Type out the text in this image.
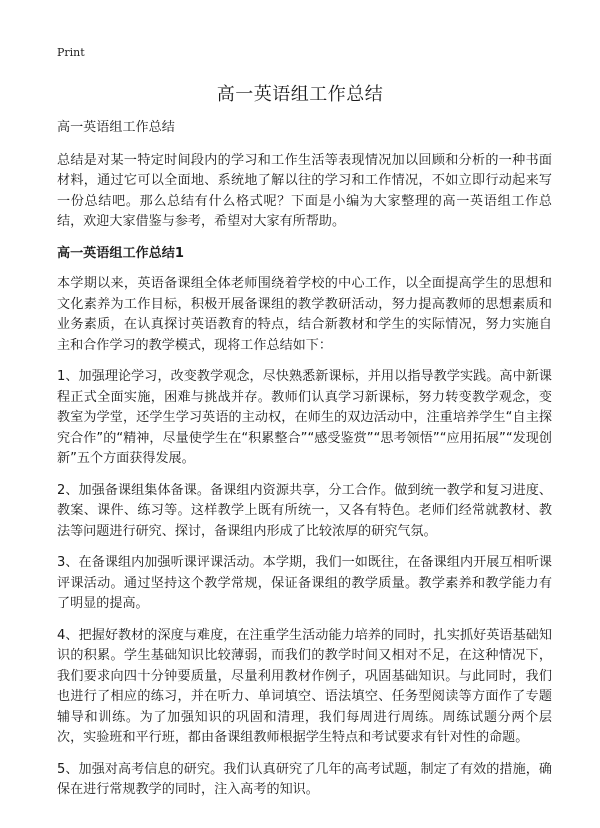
Print
高一英语组工作总结

高一英语组工作总结

总结是对某一特定时间段内的学习和工作生活等表现情况加以回顾和分析的一种书面材料，通过它可以全面地、系统地了解以往的学习和工作情况，不如立即行动起来写一份总结吧。那么总结有什么格式呢？下面是小编为大家整理的高一英语组工作总结，欢迎大家借鉴与参考，希望对大家有所帮助。

高一英语组工作总结1

本学期以来，英语备课组全体老师围绕着学校的中心工作，以全面提高学生的思想和文化素养为工作目标，积极开展备课组的教学教研活动，努力提高教师的思想素质和业务素质，在认真探讨英语教育的特点，结合新教材和学生的实际情况，努力实施自主和合作学习的教学模式，现将工作总结如下：

1、加强理论学习，改变教学观念，尽快熟悉新课标，并用以指导教学实践。高中新课程正式全面实施，困难与挑战并存。教师们认真学习新课标，努力转变教学观念，变教室为学堂，还学生学习英语的主动权，在师生的双边活动中，注重培养学生“自主探究合作”的“精神，尽量使学生在“积累整合”“感受鉴赏”“思考领悟”“应用拓展”“发现创新”五个方面获得发展。

2、加强备课组集体备课。备课组内资源共享，分工合作。做到统一教学和复习进度、教案、课件、练习等。这样教学上既有所统一，又各有特色。老师们经常就教材、教法等问题进行研究、探讨，备课组内形成了比较浓厚的研究气氛。

3、在备课组内加强听课评课活动。本学期，我们一如既往，在备课组内开展互相听课评课活动。通过坚持这个教学常规，保证备课组的教学质量。教学素养和教学能力有了明显的提高。

4、把握好教材的深度与难度，在注重学生活动能力培养的同时，扎实抓好英语基础知识的积累。学生基础知识比较薄弱，而我们的教学时间又相对不足，在这种情况下，我们要求向四十分钟要质量，尽量利用教材作例子，巩固基础知识。与此同时，我们也进行了相应的练习，并在听力、单词填空、语法填空、任务型阅读等方面作了专题辅导和训练。为了加强知识的巩固和清理，我们每周进行周练。周练试题分两个层次，实验班和平行班，都由备课组教师根据学生特点和考试要求有针对性的命题。

5、加强对高考信息的研究。我们认真研究了几年的高考试题，制定了有效的措施，确保在进行常规教学的同时，注入高考的知识。
